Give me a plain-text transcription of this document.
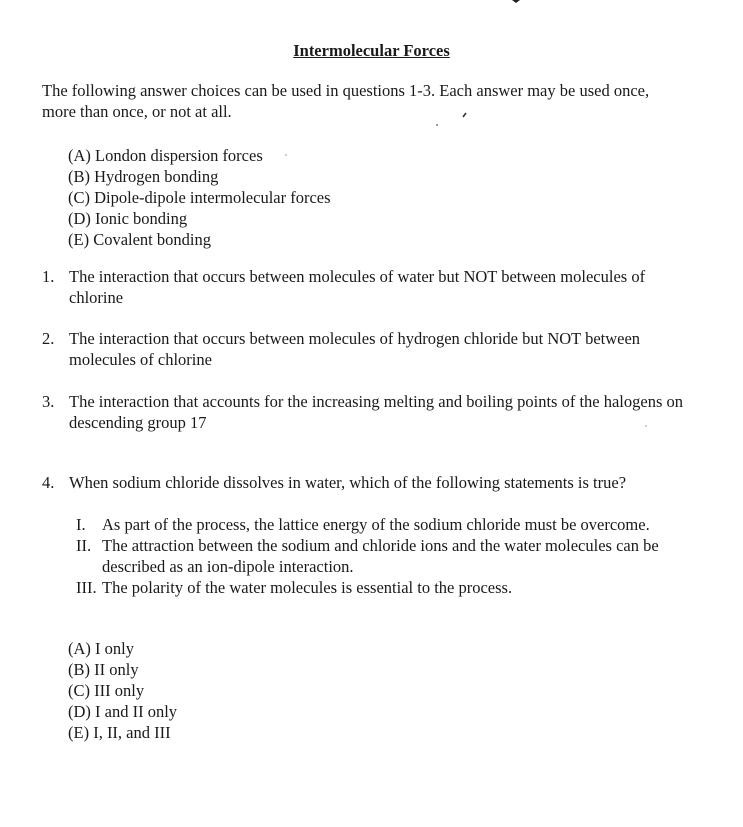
Intermolecular Forces
The following answer choices can be used in questions 1-3. Each answer may be used once, more than once, or not at all.
(A) London dispersion forces
(B) Hydrogen bonding
(C) Dipole-dipole intermolecular forces
(D) Ionic bonding
(E) Covalent bonding
1. The interaction that occurs between molecules of water but NOT between molecules of chlorine
2. The interaction that occurs between molecules of hydrogen chloride but NOT between molecules of chlorine
3. The interaction that accounts for the increasing melting and boiling points of the halogens on descending group 17
4. When sodium chloride dissolves in water, which of the following statements is true?
I. As part of the process, the lattice energy of the sodium chloride must be overcome.
II. The attraction between the sodium and chloride ions and the water molecules can be described as an ion-dipole interaction.
III. The polarity of the water molecules is essential to the process.
(A) I only
(B) II only
(C) III only
(D) I and II only
(E) I, II, and III
